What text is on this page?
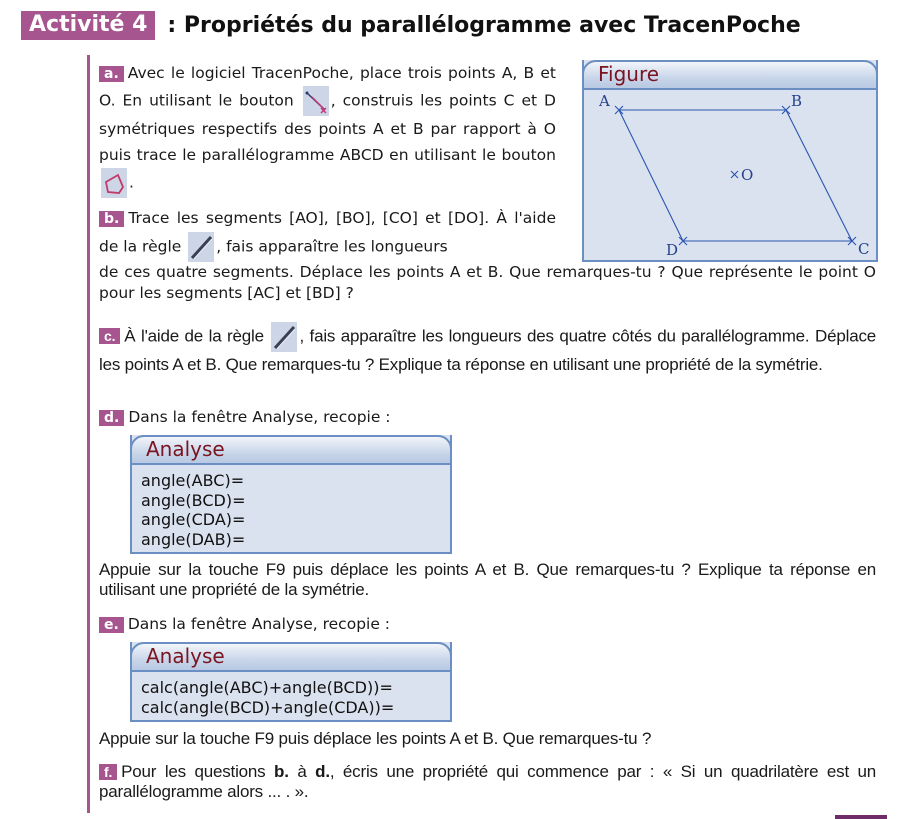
Activité 4 : Propriétés du parallélogramme avec TracenPoche
a. Avec le logiciel TracenPoche, place trois points A, B et O. En utilisant le bouton , construis les points C et D symétriques respectifs des points A et B par rapport à O puis trace le parallélogramme ABCD en utilisant le bouton
.
Figure
A	B
C
D
O
b. Trace les segments [AO], [BO], [CO] et [DO]. À l'aide de la règle , fais apparaître les longueurs
de ces quatre segments. Déplace les points A et B. Que remarques-tu ? Que représente le point O pour les segments [AC] et [BD] ?
c. À l'aide de la règle , fais apparaître les longueurs des quatre côtés du parallélogramme. Déplace les points A et B. Que remarques-tu ? Explique ta réponse en utilisant une propriété de la symétrie.
d. Dans la fenêtre Analyse, recopie :
Analyse
angle(ABC)=
angle(BCD)=
angle(CDA)=
angle(DAB)=
Appuie sur la touche F9 puis déplace les points A et B. Que remarques-tu ? Explique ta réponse en utilisant une propriété de la symétrie.
e. Dans la fenêtre Analyse, recopie :
Analyse
calc(angle(ABC)+angle(BCD))=
calc(angle(BCD)+angle(CDA))=
Appuie sur la touche F9 puis déplace les points A et B. Que remarques-tu ?
f. Pour les questions b. à d., écris une propriété qui commence par : « Si un quadrilatère est un parallélogramme alors ... . ».
